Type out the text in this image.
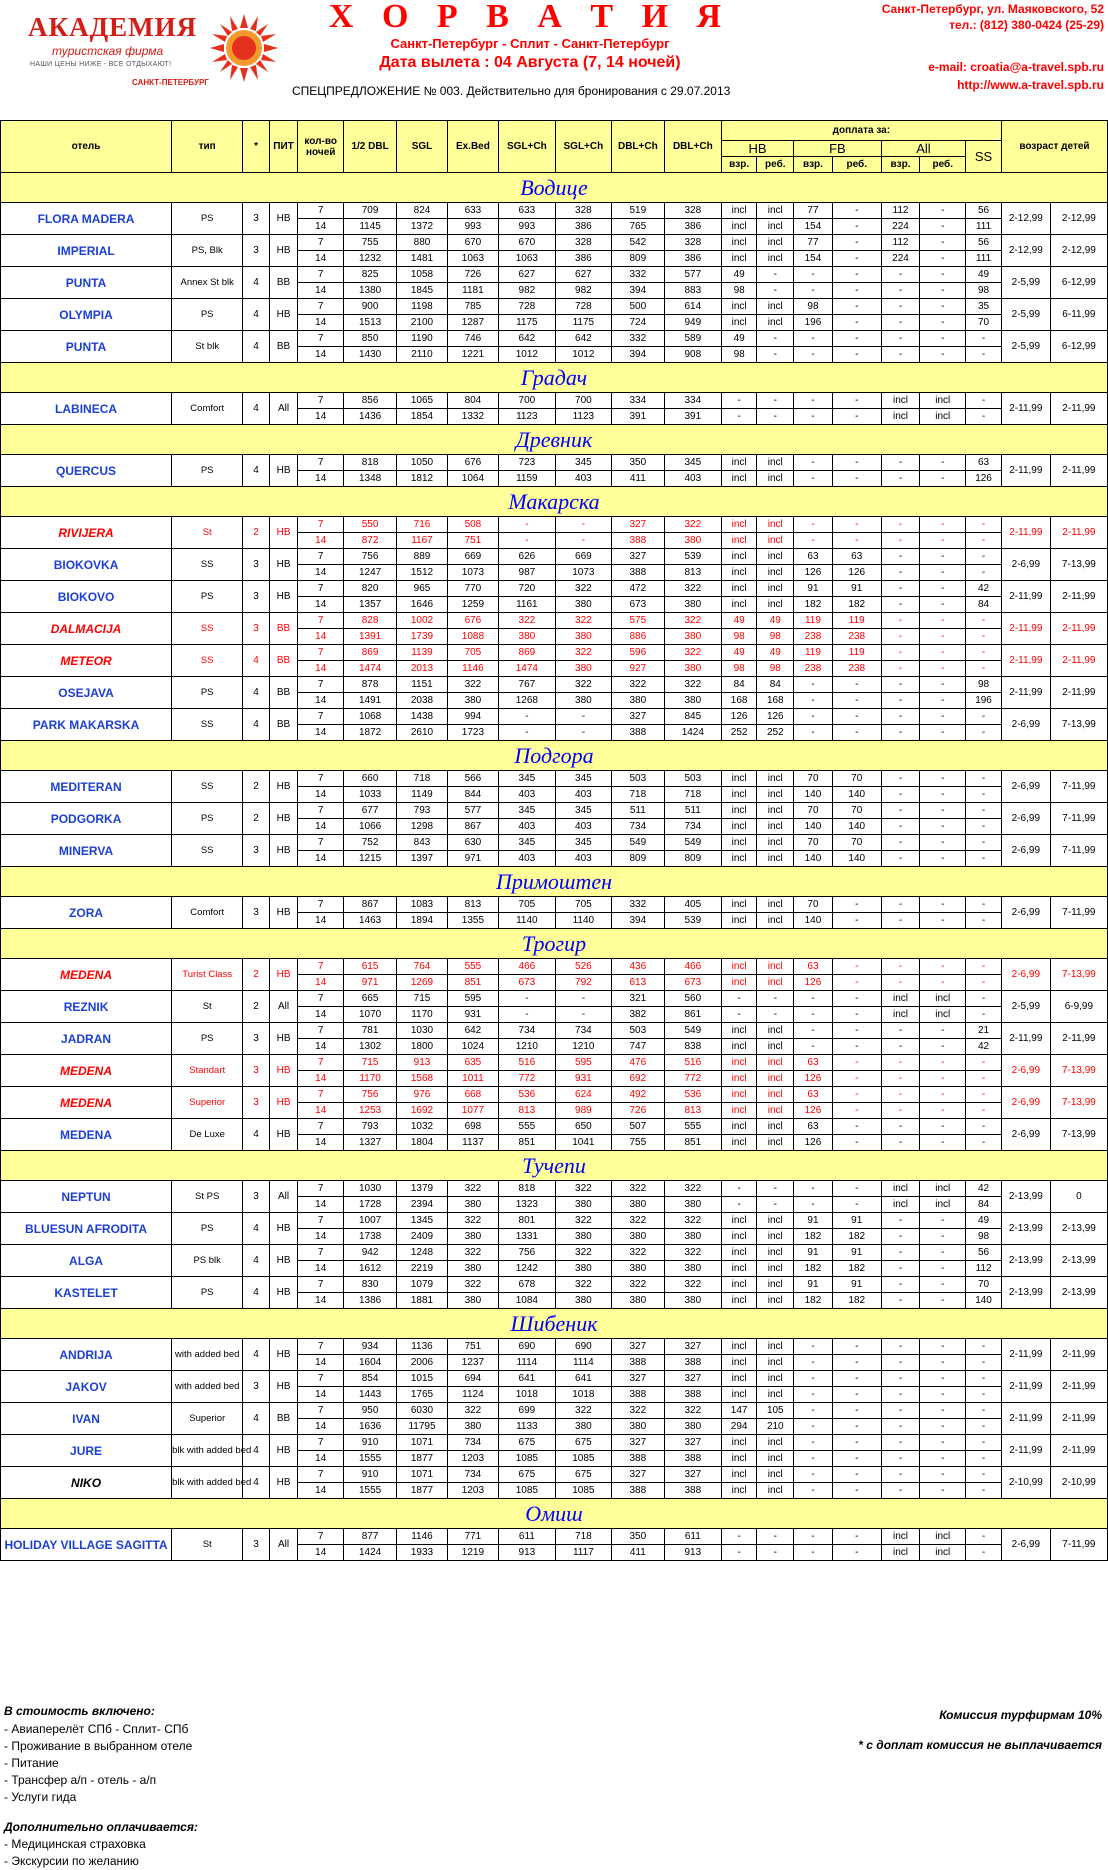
АКАДЕМИЯ
туристская фирма
НАШИ ЦЕНЫ НИЖЕ - ВСЕ ОТДЫХАЮТ!
САНКТ-ПЕТЕРБУРГ
Х О Р В А Т И Я
Санкт-Петербург - Сплит - Санкт-Петербург
Дата вылета : 04 Августа (7, 14 ночей)
СПЕЦПРЕДЛОЖЕНИЕ № 003. Действительно для бронирования с 29.07.2013
Санкт-Петербург, ул. Маяковского, 52
тел.: (812) 380-0424 (25-29)
e-mail: croatia@a-travel.spb.ru
http://www.a-travel.spb.ru
отель	тип	*	ПИТ	кол-во ночей	1/2 DBL	SGL	Ex.Bed	SGL+Ch	SGL+Ch	DBL+Ch	DBL+Ch	доплата за:							возраст детей	
												HB		FB		All		SS		
												взр.	реб.	взр.	реб.	взр.	реб.			
Водице																				
FLORA MADERA	PS	3	HB	7	709	824	633	633	328	519	328	incl	incl	77	-	112	-	56	2-12,99	2-12,99
				14	1145	1372	993	993	386	765	386	incl	incl	154	-	224	-	111		
IMPERIAL	PS, Blk	3	HB	7	755	880	670	670	328	542	328	incl	incl	77	-	112	-	56	2-12,99	2-12,99
				14	1232	1481	1063	1063	386	809	386	incl	incl	154	-	224	-	111		
PUNTA	Annex St blk	4	BB	7	825	1058	726	627	627	332	577	49	-	-	-	-	-	49	2-5,99	6-12,99
				14	1380	1845	1181	982	982	394	883	98	-	-	-	-	-	98		
OLYMPIA	PS	4	HB	7	900	1198	785	728	728	500	614	incl	incl	98	-	-	-	35	2-5,99	6-11,99
				14	1513	2100	1287	1175	1175	724	949	incl	incl	196	-	-	-	70		
PUNTA	St blk	4	BB	7	850	1190	746	642	642	332	589	49	-	-	-	-	-	-	2-5,99	6-12,99
				14	1430	2110	1221	1012	1012	394	908	98	-	-	-	-	-	-		
Градач																				
LABINECA	Comfort	4	All	7	856	1065	804	700	700	334	334	-	-	-	-	incl	incl	-	2-11,99	2-11,99
				14	1436	1854	1332	1123	1123	391	391	-	-	-	-	incl	incl	-		
Древник																				
QUERCUS	PS	4	HB	7	818	1050	676	723	345	350	345	incl	incl	-	-	-	-	63	2-11,99	2-11,99
				14	1348	1812	1064	1159	403	411	403	incl	incl	-	-	-	-	126		
Макарска																				
RIVIJERA	St	2	HB	7	550	716	508	-	-	327	322	incl	incl	-	-	-	-	-	2-11,99	2-11,99
				14	872	1167	751	-	-	388	380	incl	incl	-	-	-	-	-		
BIOKOVKA	SS	3	HB	7	756	889	669	626	669	327	539	incl	incl	63	63	-	-	-	2-6,99	7-13,99
				14	1247	1512	1073	987	1073	388	813	incl	incl	126	126	-	-	-		
BIOKOVO	PS	3	HB	7	820	965	770	720	322	472	322	incl	incl	91	91	-	-	42	2-11,99	2-11,99
				14	1357	1646	1259	1161	380	673	380	incl	incl	182	182	-	-	84		
DALMACIJA	SS	3	BB	7	828	1002	676	322	322	575	322	49	49	119	119	-	-	-	2-11,99	2-11,99
				14	1391	1739	1088	380	380	886	380	98	98	238	238	-	-	-		
METEOR	SS	4	BB	7	869	1139	705	869	322	596	322	49	49	119	119	-	-	-	2-11,99	2-11,99
				14	1474	2013	1146	1474	380	927	380	98	98	238	238	-	-	-		
OSEJAVA	PS	4	BB	7	878	1151	322	767	322	322	322	84	84	-	-	-	-	98	2-11,99	2-11,99
				14	1491	2038	380	1268	380	380	380	168	168	-	-	-	-	196		
PARK MAKARSKA	SS	4	BB	7	1068	1438	994	-	-	327	845	126	126	-	-	-	-	-	2-6,99	7-13,99
				14	1872	2610	1723	-	-	388	1424	252	252	-	-	-	-	-		
Подгора																				
MEDITERAN	SS	2	HB	7	660	718	566	345	345	503	503	incl	incl	70	70	-	-	-	2-6,99	7-11,99
				14	1033	1149	844	403	403	718	718	incl	incl	140	140	-	-	-		
PODGORKA	PS	2	HB	7	677	793	577	345	345	511	511	incl	incl	70	70	-	-	-	2-6,99	7-11,99
				14	1066	1298	867	403	403	734	734	incl	incl	140	140	-	-	-		
MINERVA	SS	3	HB	7	752	843	630	345	345	549	549	incl	incl	70	70	-	-	-	2-6,99	7-11,99
				14	1215	1397	971	403	403	809	809	incl	incl	140	140	-	-	-		
Примоштен																				
ZORA	Comfort	3	HB	7	867	1083	813	705	705	332	405	incl	incl	70	-	-	-	-	2-6,99	7-11,99
				14	1463	1894	1355	1140	1140	394	539	incl	incl	140	-	-	-	-		
Трогир																				
MEDENA	Turist Class	2	HB	7	615	764	555	466	526	436	466	incl	incl	63	-	-	-	-	2-6,99	7-13,99
				14	971	1269	851	673	792	613	673	incl	incl	126	-	-	-	-		
REZNIK	St	2	All	7	665	715	595	-	-	321	560	-	-	-	-	incl	incl	-	2-5,99	6-9,99
				14	1070	1170	931	-	-	382	861	-	-	-	-	incl	incl	-		
JADRAN	PS	3	HB	7	781	1030	642	734	734	503	549	incl	incl	-	-	-	-	21	2-11,99	2-11,99
				14	1302	1800	1024	1210	1210	747	838	incl	incl	-	-	-	-	42		
MEDENA	Standart	3	HB	7	715	913	635	516	595	476	516	incl	incl	63	-	-	-	-	2-6,99	7-13,99
				14	1170	1568	1011	772	931	692	772	incl	incl	126	-	-	-	-		
MEDENA	Superior	3	HB	7	756	976	668	536	624	492	536	incl	incl	63	-	-	-	-	2-6,99	7-13,99
				14	1253	1692	1077	813	989	726	813	incl	incl	126	-	-	-	-		
MEDENA	De Luxe	4	HB	7	793	1032	698	555	650	507	555	incl	incl	63	-	-	-	-	2-6,99	7-13,99
				14	1327	1804	1137	851	1041	755	851	incl	incl	126	-	-	-	-		
Тучепи																				
NEPTUN	St PS	3	All	7	1030	1379	322	818	322	322	322	-	-	-	-	incl	incl	42	2-13,99	0
				14	1728	2394	380	1323	380	380	380	-	-	-	-	incl	incl	84		
BLUESUN AFRODITA	PS	4	HB	7	1007	1345	322	801	322	322	322	incl	incl	91	91	-	-	49	2-13,99	2-13,99
				14	1738	2409	380	1331	380	380	380	incl	incl	182	182	-	-	98		
ALGA	PS blk	4	HB	7	942	1248	322	756	322	322	322	incl	incl	91	91	-	-	56	2-13,99	2-13,99
				14	1612	2219	380	1242	380	380	380	incl	incl	182	182	-	-	112		
KASTELET	PS	4	HB	7	830	1079	322	678	322	322	322	incl	incl	91	91	-	-	70	2-13,99	2-13,99
				14	1386	1881	380	1084	380	380	380	incl	incl	182	182	-	-	140		
Шибеник																				
ANDRIJA	with added bed	4	HB	7	934	1136	751	690	690	327	327	incl	incl	-	-	-	-	-	2-11,99	2-11,99
				14	1604	2006	1237	1114	1114	388	388	incl	incl	-	-	-	-	-		
JAKOV	with added bed	3	HB	7	854	1015	694	641	641	327	327	incl	incl	-	-	-	-	-	2-11,99	2-11,99
				14	1443	1765	1124	1018	1018	388	388	incl	incl	-	-	-	-	-		
IVAN	Superior	4	BB	7	950	6030	322	699	322	322	322	147	105	-	-	-	-	-	2-11,99	2-11,99
				14	1636	11795	380	1133	380	380	380	294	210	-	-	-	-	-		
JURE	blk with added bed	4	HB	7	910	1071	734	675	675	327	327	incl	incl	-	-	-	-	-	2-11,99	2-11,99
				14	1555	1877	1203	1085	1085	388	388	incl	incl	-	-	-	-	-		
NIKO	blk with added bed	4	HB	7	910	1071	734	675	675	327	327	incl	incl	-	-	-	-	-	2-10,99	2-10,99
				14	1555	1877	1203	1085	1085	388	388	incl	incl	-	-	-	-	-		
Омиш																				
HOLIDAY VILLAGE SAGITTA	St	3	All	7	877	1146	771	611	718	350	611	-	-	-	-	incl	incl	-	2-6,99	7-11,99
				14	1424	1933	1219	913	1117	411	913	-	-	-	-	incl	incl	-		
В стоимость включено:
- Авиаперелёт СПб - Сплит- СПб
- Проживание в выбранном отеле
- Питание
- Трансфер а/п - отель - а/п
- Услуги гида
Дополнительно оплачивается:
- Медицинская страховка
- Экскурсии по желанию
Комиссия турфирмам 10%
* с доплат комиссия не выплачивается
